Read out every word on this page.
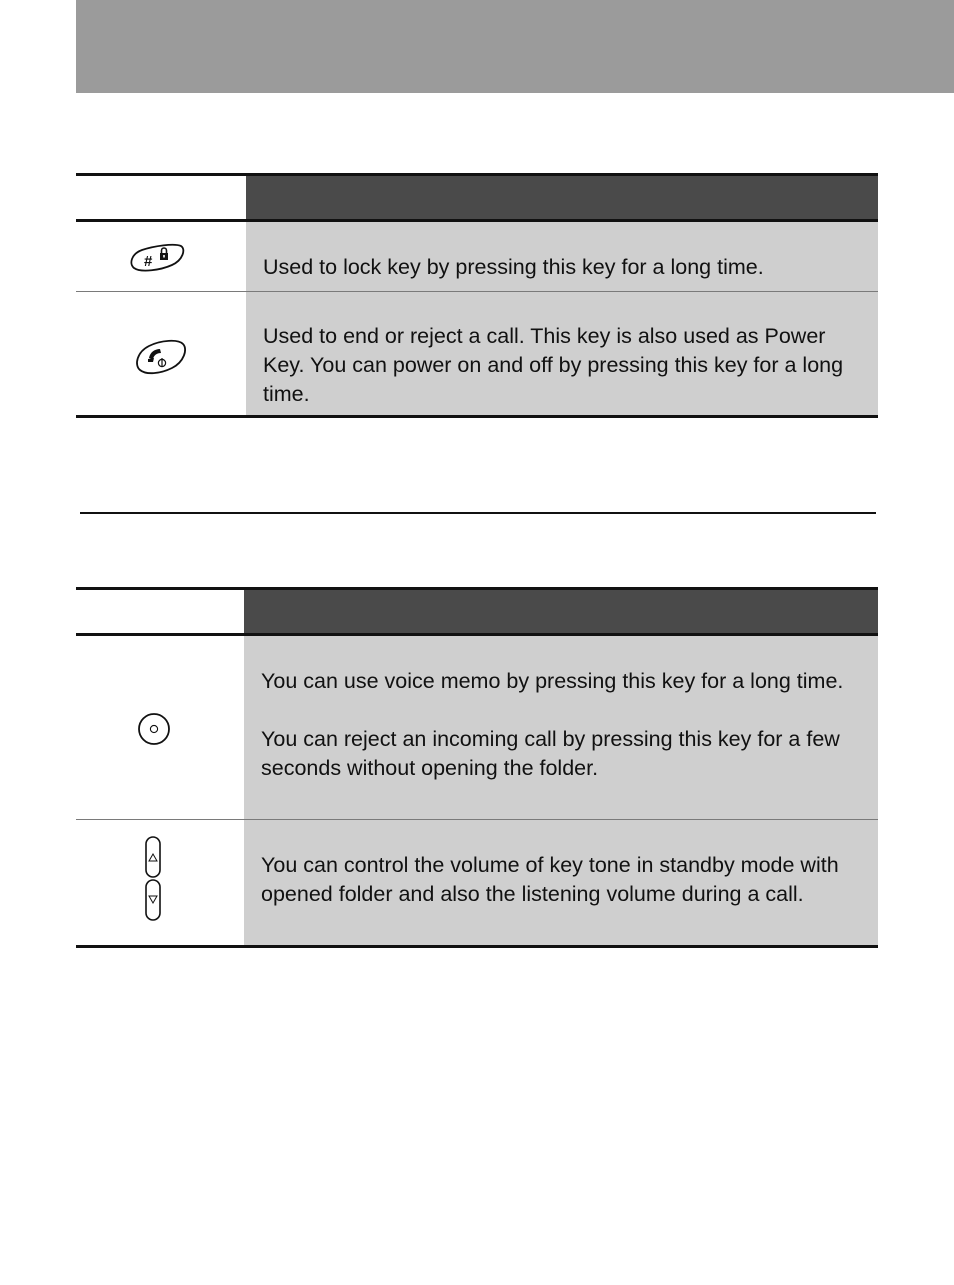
#	Used to lock key by pressing this key for a long time.

Used to end or reject a call. This key is also used as Power Key. You can power on and off by pressing this key for a long time.

You can use voice memo by pressing this key for a long time.

You can reject an incoming call by pressing this key for a few seconds without opening the folder.

You can control the volume of key tone in standby mode with opened folder and also the listening volume during a call.
